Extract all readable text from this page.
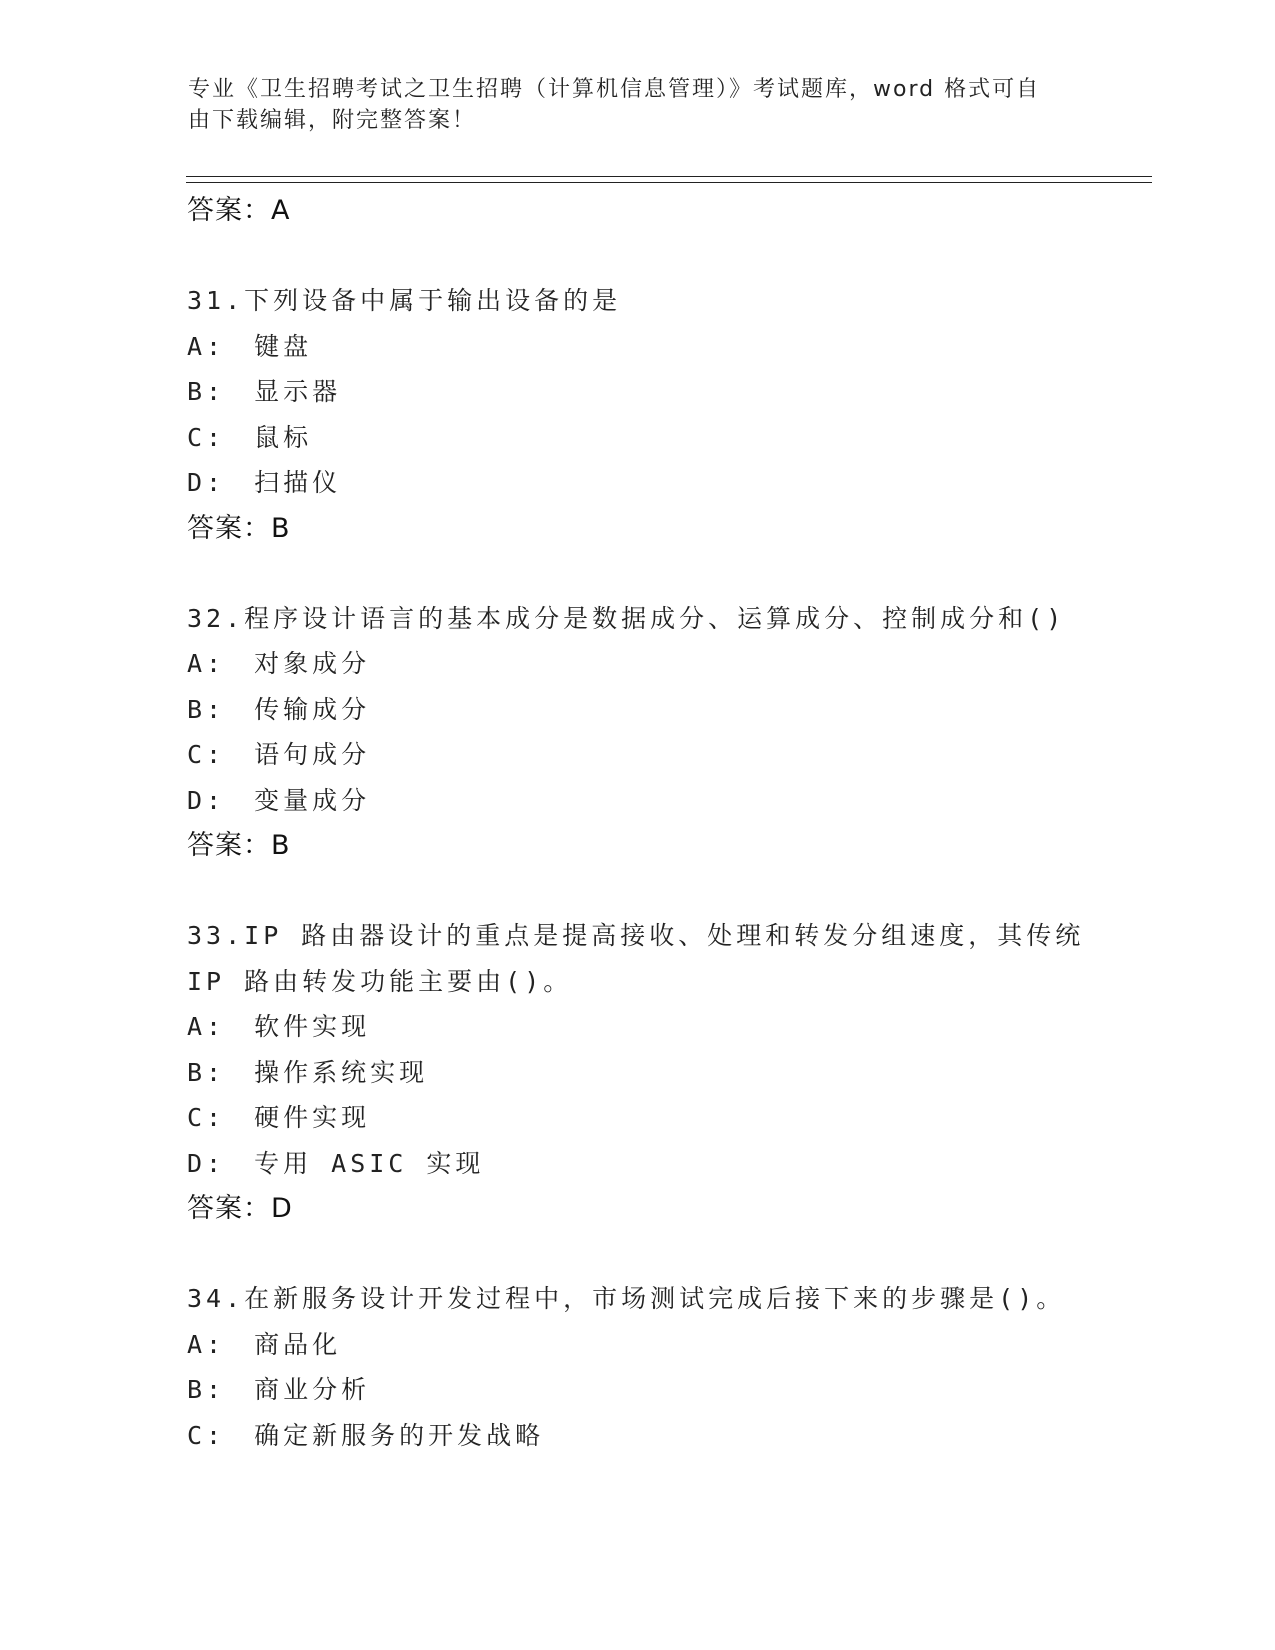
专业《卫生招聘考试之卫生招聘（计算机信息管理）》考试题库，word 格式可自
由下载编辑，附完整答案！
答案：A
31.下列设备中属于输出设备的是
A:　键盘
B:　显示器
C:　鼠标
D:　扫描仪
答案：B
32.程序设计语言的基本成分是数据成分、运算成分、控制成分和()
A:　对象成分
B:　传输成分
C:　语句成分
D:　变量成分
答案：B
33.IP 路由器设计的重点是提高接收、处理和转发分组速度，其传统
IP 路由转发功能主要由()。
A:　软件实现
B:　操作系统实现
C:　硬件实现
D:　专用 ASIC 实现
答案：D
34.在新服务设计开发过程中，市场测试完成后接下来的步骤是()。
A:　商品化
B:　商业分析
C:　确定新服务的开发战略
